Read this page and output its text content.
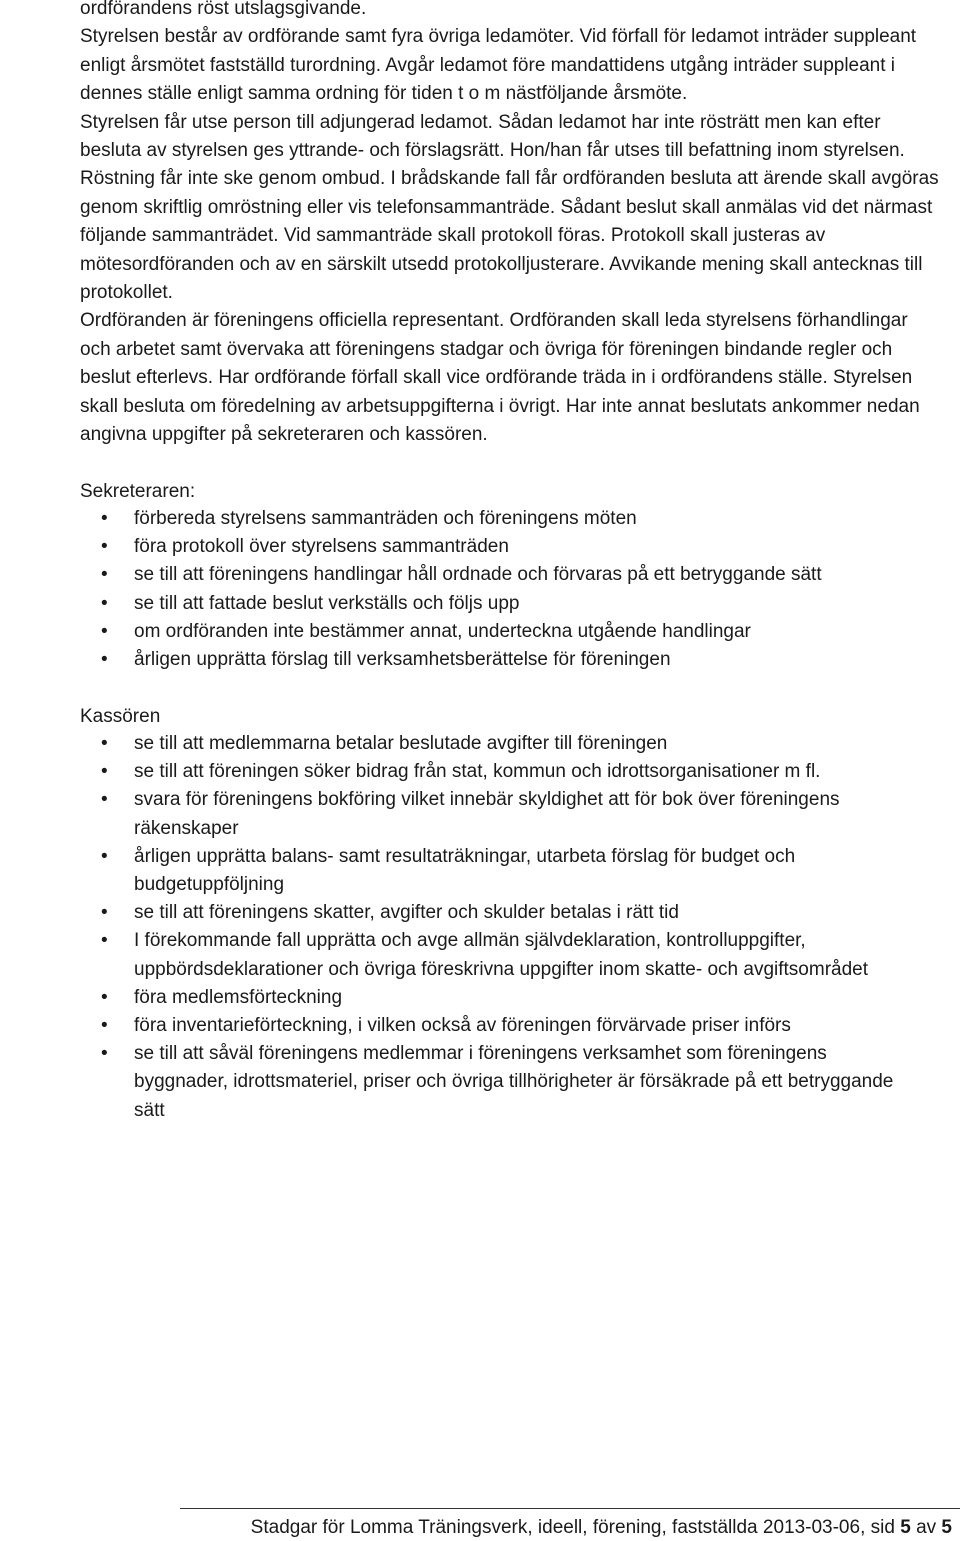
ordförandens röst utslagsgivande.
Styrelsen består av ordförande samt fyra övriga ledamöter. Vid förfall för ledamot inträder suppleant enligt årsmötet fastställd turordning. Avgår ledamot före mandattidens utgång inträder suppleant i dennes ställe enligt samma ordning för tiden t o m nästföljande årsmöte.
Styrelsen får utse person till adjungerad ledamot. Sådan ledamot har inte rösträtt men kan efter besluta av styrelsen ges yttrande- och förslagsrätt. Hon/han får utses till befattning inom styrelsen. Röstning får inte ske genom ombud. I brådskande fall får ordföranden besluta att ärende skall avgöras genom skriftlig omröstning eller vis telefonsammanträde. Sådant beslut skall anmälas vid det närmast följande sammanträdet. Vid sammanträde skall protokoll föras. Protokoll skall justeras av mötesordföranden och av en särskilt utsedd protokolljusterare. Avvikande mening skall antecknas till protokollet.
Ordföranden är föreningens officiella representant. Ordföranden skall leda styrelsens förhandlingar och arbetet samt övervaka att föreningens stadgar och övriga för föreningen bindande regler och beslut efterlevs. Har ordförande förfall skall vice ordförande träda in i ordförandens ställe. Styrelsen skall besluta om föredelning av arbetsuppgifterna i övrigt. Har inte annat beslutats ankommer nedan angivna uppgifter på sekreteraren och kassören.
Sekreteraren:
• förbereda styrelsens sammanträden och föreningens möten
• föra protokoll över styrelsens sammanträden
• se till att föreningens handlingar håll ordnade och förvaras på ett betryggande sätt
• se till att fattade beslut verkställs och följs upp
• om ordföranden inte bestämmer annat, underteckna utgående handlingar
• årligen upprätta förslag till verksamhetsberättelse för föreningen
Kassören
• se till att medlemmarna betalar beslutade avgifter till föreningen
• se till att föreningen söker bidrag från stat, kommun och idrottsorganisationer m fl.
• svara för föreningens bokföring vilket innebär skyldighet att för bok över föreningens räkenskaper
• årligen upprätta balans- samt resultaträkningar, utarbeta förslag för budget och budgetuppföljning
• se till att föreningens skatter, avgifter och skulder betalas i rätt tid
• I förekommande fall upprätta och avge allmän självdeklaration, kontrolluppgifter, uppbördsdeklarationer och övriga föreskrivna uppgifter inom skatte- och avgiftsområdet
• föra medlemsförteckning
• föra inventarieförteckning, i vilken också av föreningen förvärvade priser införs
• se till att såväl föreningens medlemmar i föreningens verksamhet som föreningens byggnader, idrottsmateriel, priser och övriga tillhörigheter är försäkrade på ett betryggande sätt
Stadgar för Lomma Träningsverk, ideell, förening, fastställda 2013-03-06, sid 5 av 5
